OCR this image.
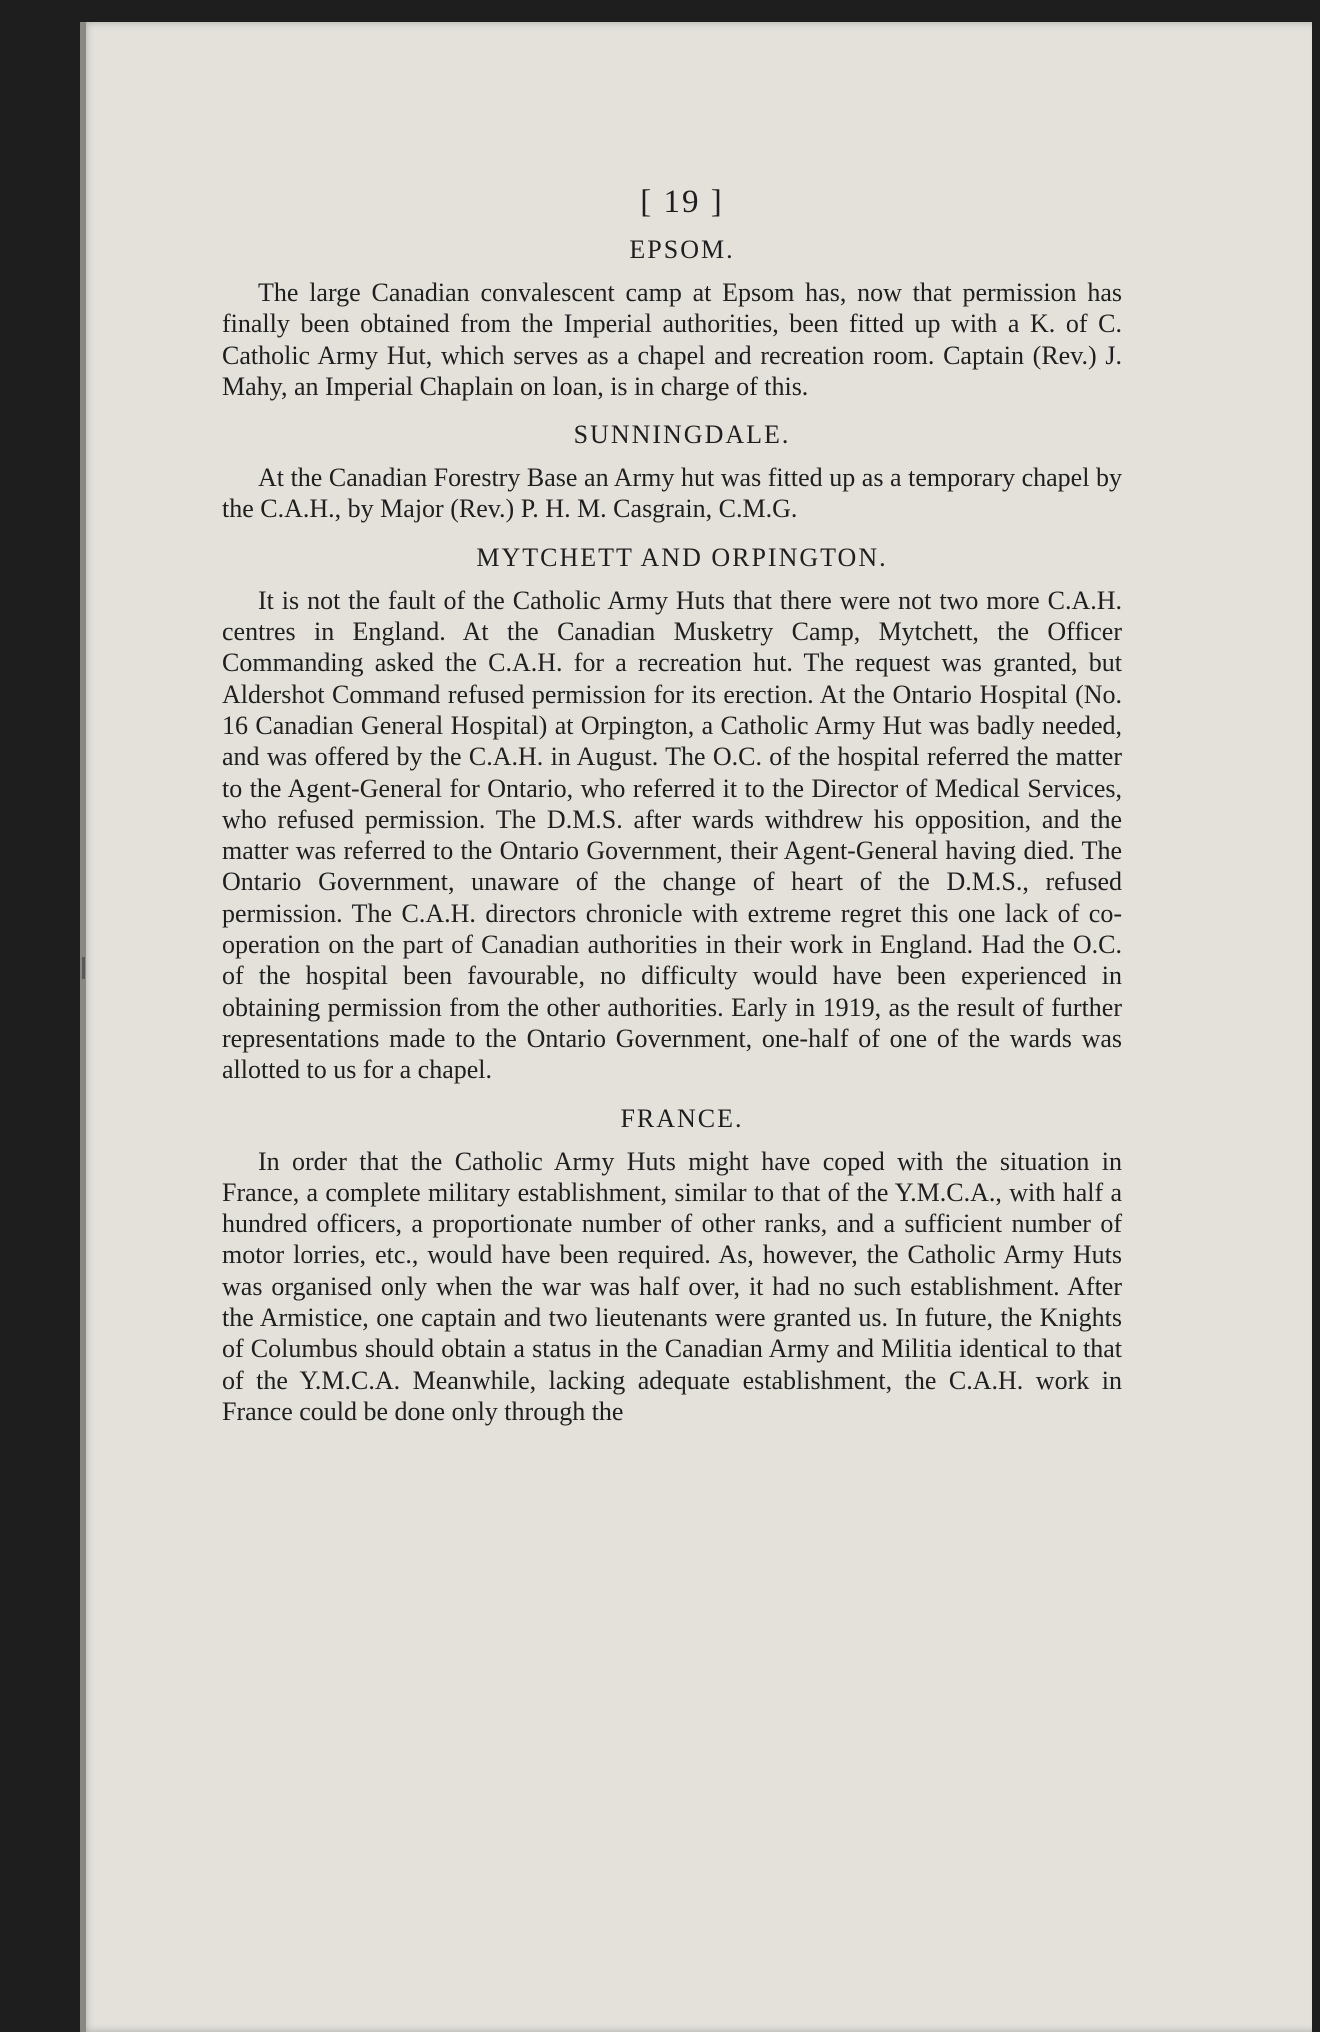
[ 19 ]
EPSOM.

The large Canadian convalescent camp at Epsom has, now that permission has finally been obtained from the Imperial authorities, been fitted up with a K. of C. Catholic Army Hut, which serves as a chapel and recreation room. Captain (Rev.) J. Mahy, an Imperial Chaplain on loan, is in charge of this.

SUNNINGDALE.

At the Canadian Forestry Base an Army hut was fitted up as a temporary chapel by the C.A.H., by Major (Rev.) P. H. M. Casgrain, C.M.G.

MYTCHETT AND ORPINGTON.

It is not the fault of the Catholic Army Huts that there were not two more C.A.H. centres in England. At the Canadian Musketry Camp, Mytchett, the Officer Commanding asked the C.A.H. for a recreation hut. The request was granted, but Aldershot Command refused permission for its erection. At the Ontario Hospital (No. 16 Canadian General Hospital) at Orpington, a Catholic Army Hut was badly needed, and was offered by the C.A.H. in August. The O.C. of the hospital referred the matter to the Agent-General for Ontario, who referred it to the Director of Medical Services, who refused permission. The D.M.S. after wards withdrew his opposition, and the matter was referred to the Ontario Government, their Agent-General having died. The Ontario Government, unaware of the change of heart of the D.M.S., refused permission. The C.A.H. directors chronicle with extreme regret this one lack of co-operation on the part of Canadian authorities in their work in England. Had the O.C. of the hospital been favourable, no difficulty would have been experienced in obtaining permission from the other authorities. Early in 1919, as the result of further representations made to the Ontario Government, one-half of one of the wards was allotted to us for a chapel.

FRANCE.

In order that the Catholic Army Huts might have coped with the situation in France, a complete military establishment, similar to that of the Y.M.C.A., with half a hundred officers, a proportionate number of other ranks, and a sufficient number of motor lorries, etc., would have been required. As, however, the Catholic Army Huts was organised only when the war was half over, it had no such establishment. After the Armistice, one captain and two lieutenants were granted us. In future, the Knights of Columbus should obtain a status in the Canadian Army and Militia identical to that of the Y.M.C.A. Meanwhile, lacking adequate establishment, the C.A.H. work in France could be done only through the
